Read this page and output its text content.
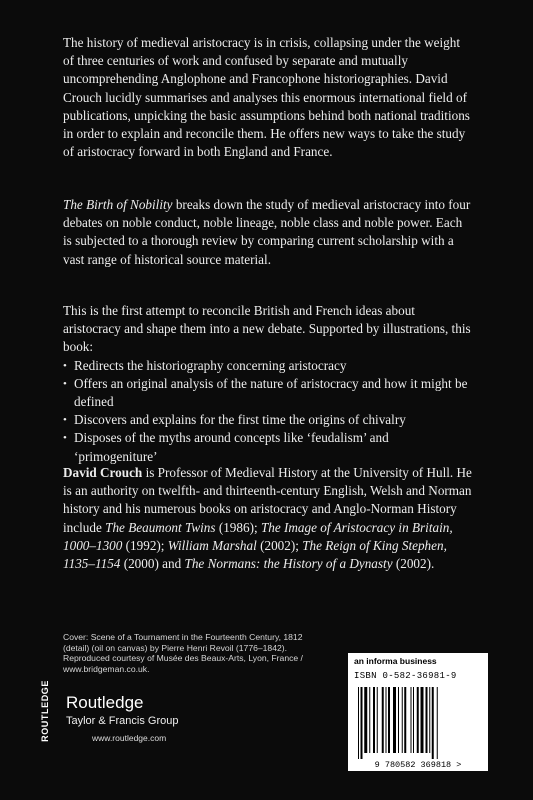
The history of medieval aristocracy is in crisis, collapsing under the weight of three centuries of work and confused by separate and mutually uncomprehending Anglophone and Francophone historiographies. David Crouch lucidly summarises and analyses this enormous international field of publications, unpicking the basic assumptions behind both national traditions in order to explain and reconcile them. He offers new ways to take the study of aristocracy forward in both England and France.

The Birth of Nobility breaks down the study of medieval aristocracy into four debates on noble conduct, noble lineage, noble class and noble power. Each is subjected to a thorough review by comparing current scholarship with a vast range of historical source material.

This is the first attempt to reconcile British and French ideas about aristocracy and shape them into a new debate. Supported by illustrations, this book:

• Redirects the historiography concerning aristocracy
• Offers an original analysis of the nature of aristocracy and how it might be defined
• Discovers and explains for the first time the origins of chivalry
• Disposes of the myths around concepts like ‘feudalism’ and ‘primogeniture’

David Crouch is Professor of Medieval History at the University of Hull. He is an authority on twelfth- and thirteenth-century English, Welsh and Norman history and his numerous books on aristocracy and Anglo-Norman History include The Beaumont Twins (1986); The Image of Aristocracy in Britain, 1000–1300 (1992); William Marshal (2002); The Reign of King Stephen, 1135–1154 (2000) and The Normans: the History of a Dynasty (2002).

Cover: Scene of a Tournament in the Fourteenth Century, 1812 (detail) (oil on canvas) by Pierre Henri Revoil (1776–1842).

Reproduced courtesy of Musée des Beaux-Arts, Lyon, France / www.bridgeman.co.uk.

ROUTLEDGE Routledge
Taylor & Francis Group
www.routledge.com
an informa business
ISBN 0-582-36981-9
9 780582 369818 >
